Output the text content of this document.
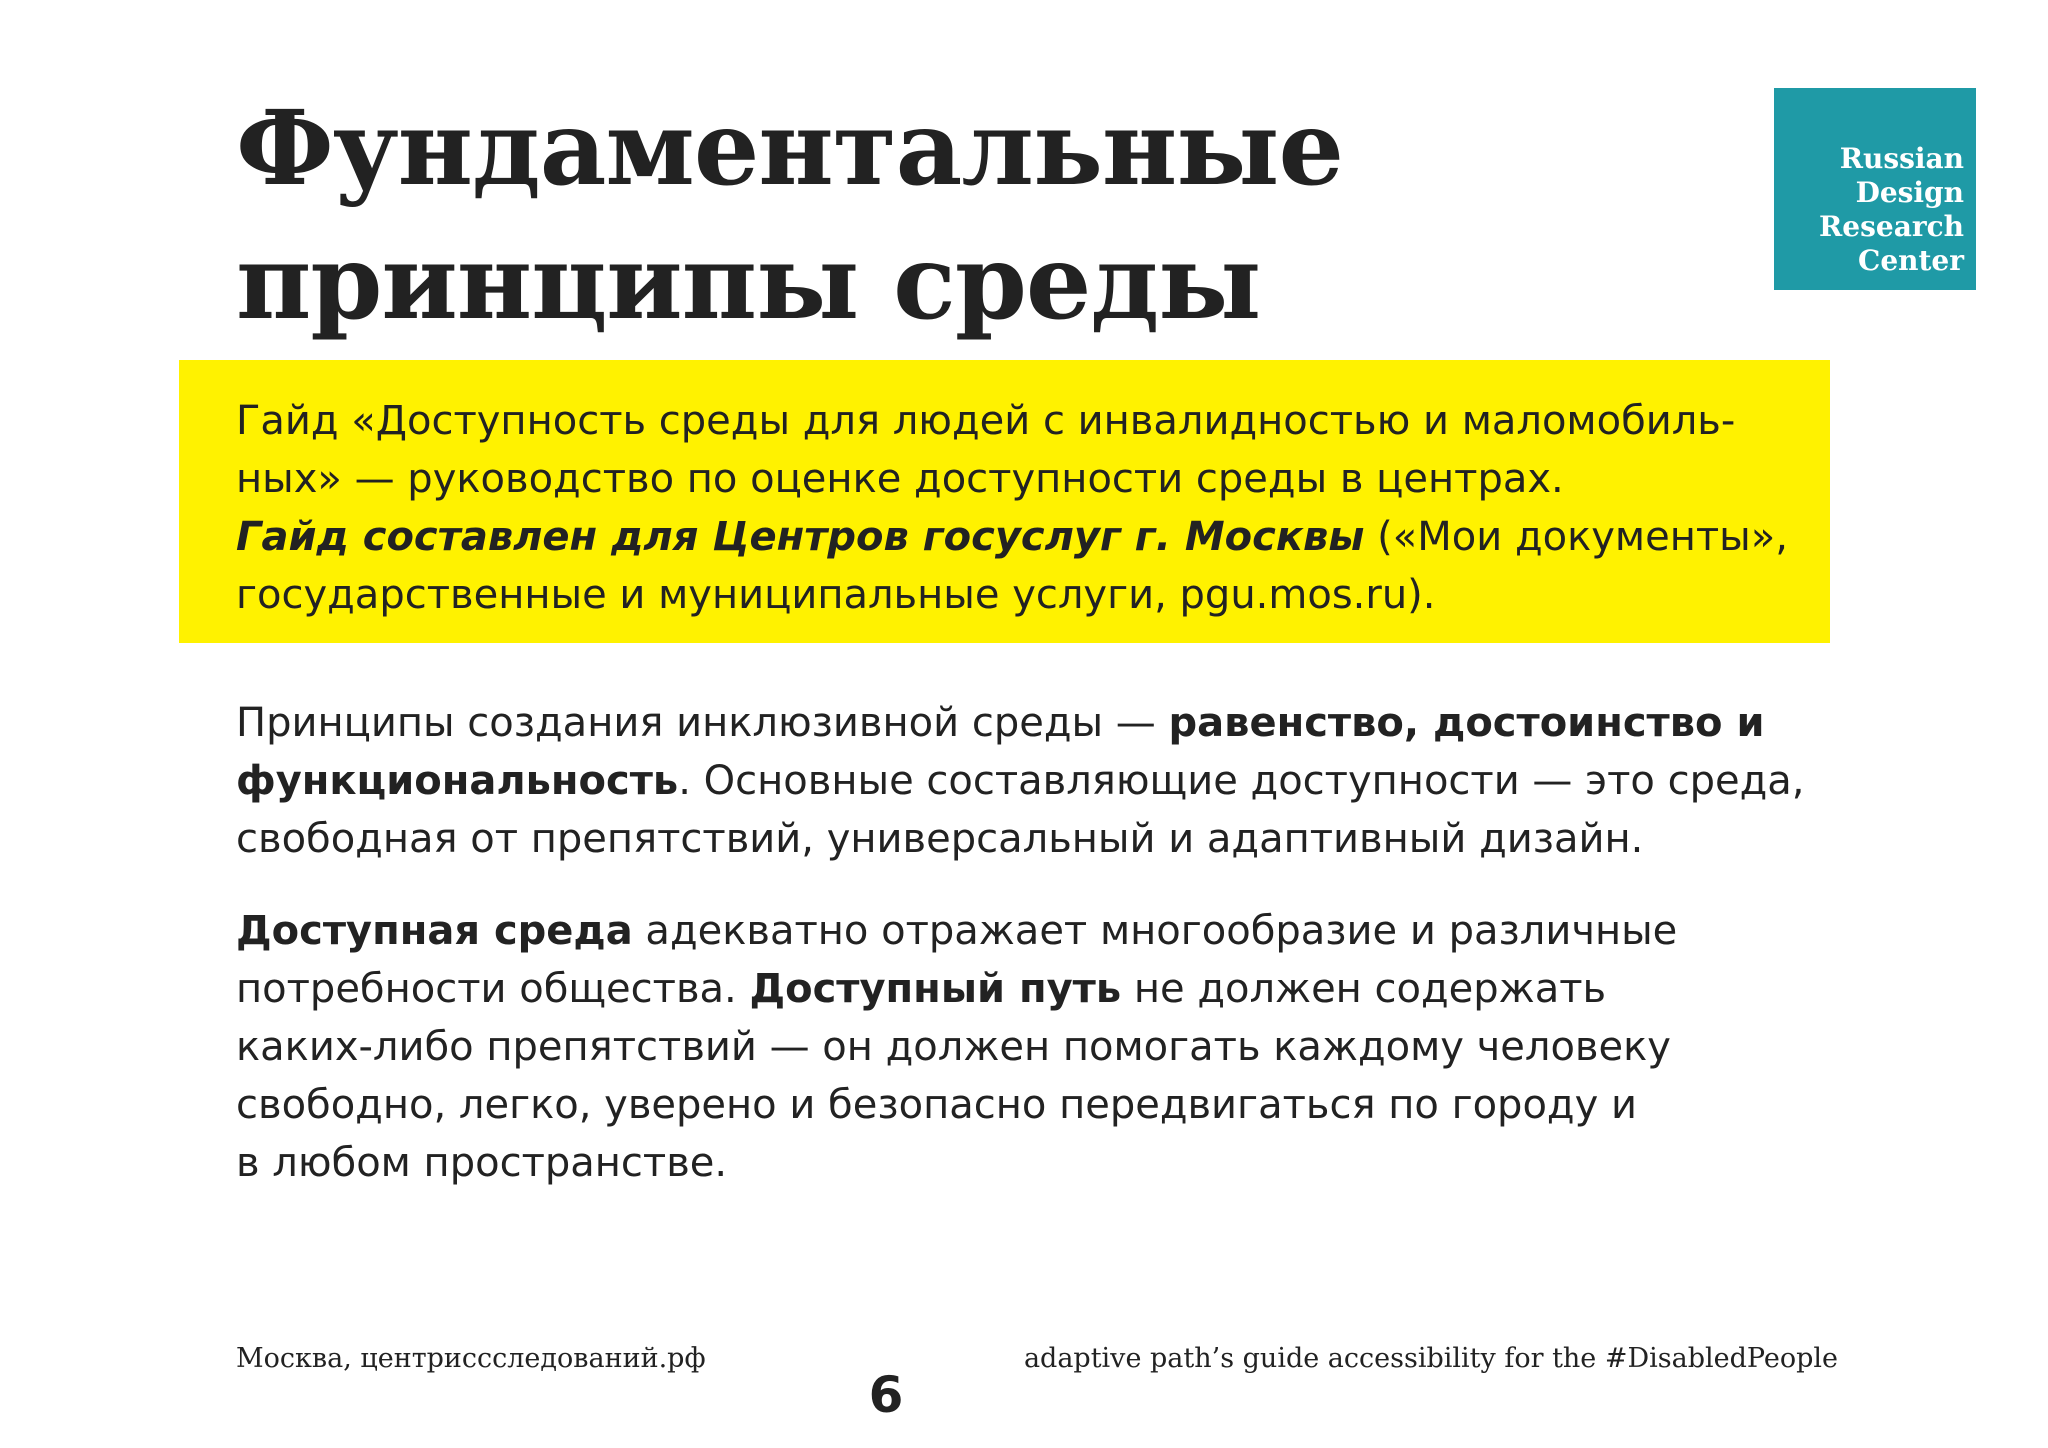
Фундаментальные
принципы среды
Russian
Design
Research
Center

Гайд «Доступность среды для людей с инвалидностью и маломобиль-
ных» — руководство по оценке доступности среды в центрах.
Гайд составлен для Центров госуслуг г. Москвы («Мои документы»,
государственные и муниципальные услуги, pgu.mos.ru).

Принципы создания инклюзивной среды — равенство, достоинство и
функциональность. Основные составляющие доступности — это среда,
свободная от препятствий, универсальный и адаптивный дизайн.

Доступная среда адекватно отражает многообразие и различные
потребности общества. Доступный путь не должен содержать
каких-либо препятствий — он должен помогать каждому человеку
свободно, легко, уверено и безопасно передвигаться по городу и
в любом пространстве.

Москва, центриссследований.рф	adaptive path’s guide accessibility for the #DisabledPeople
6
